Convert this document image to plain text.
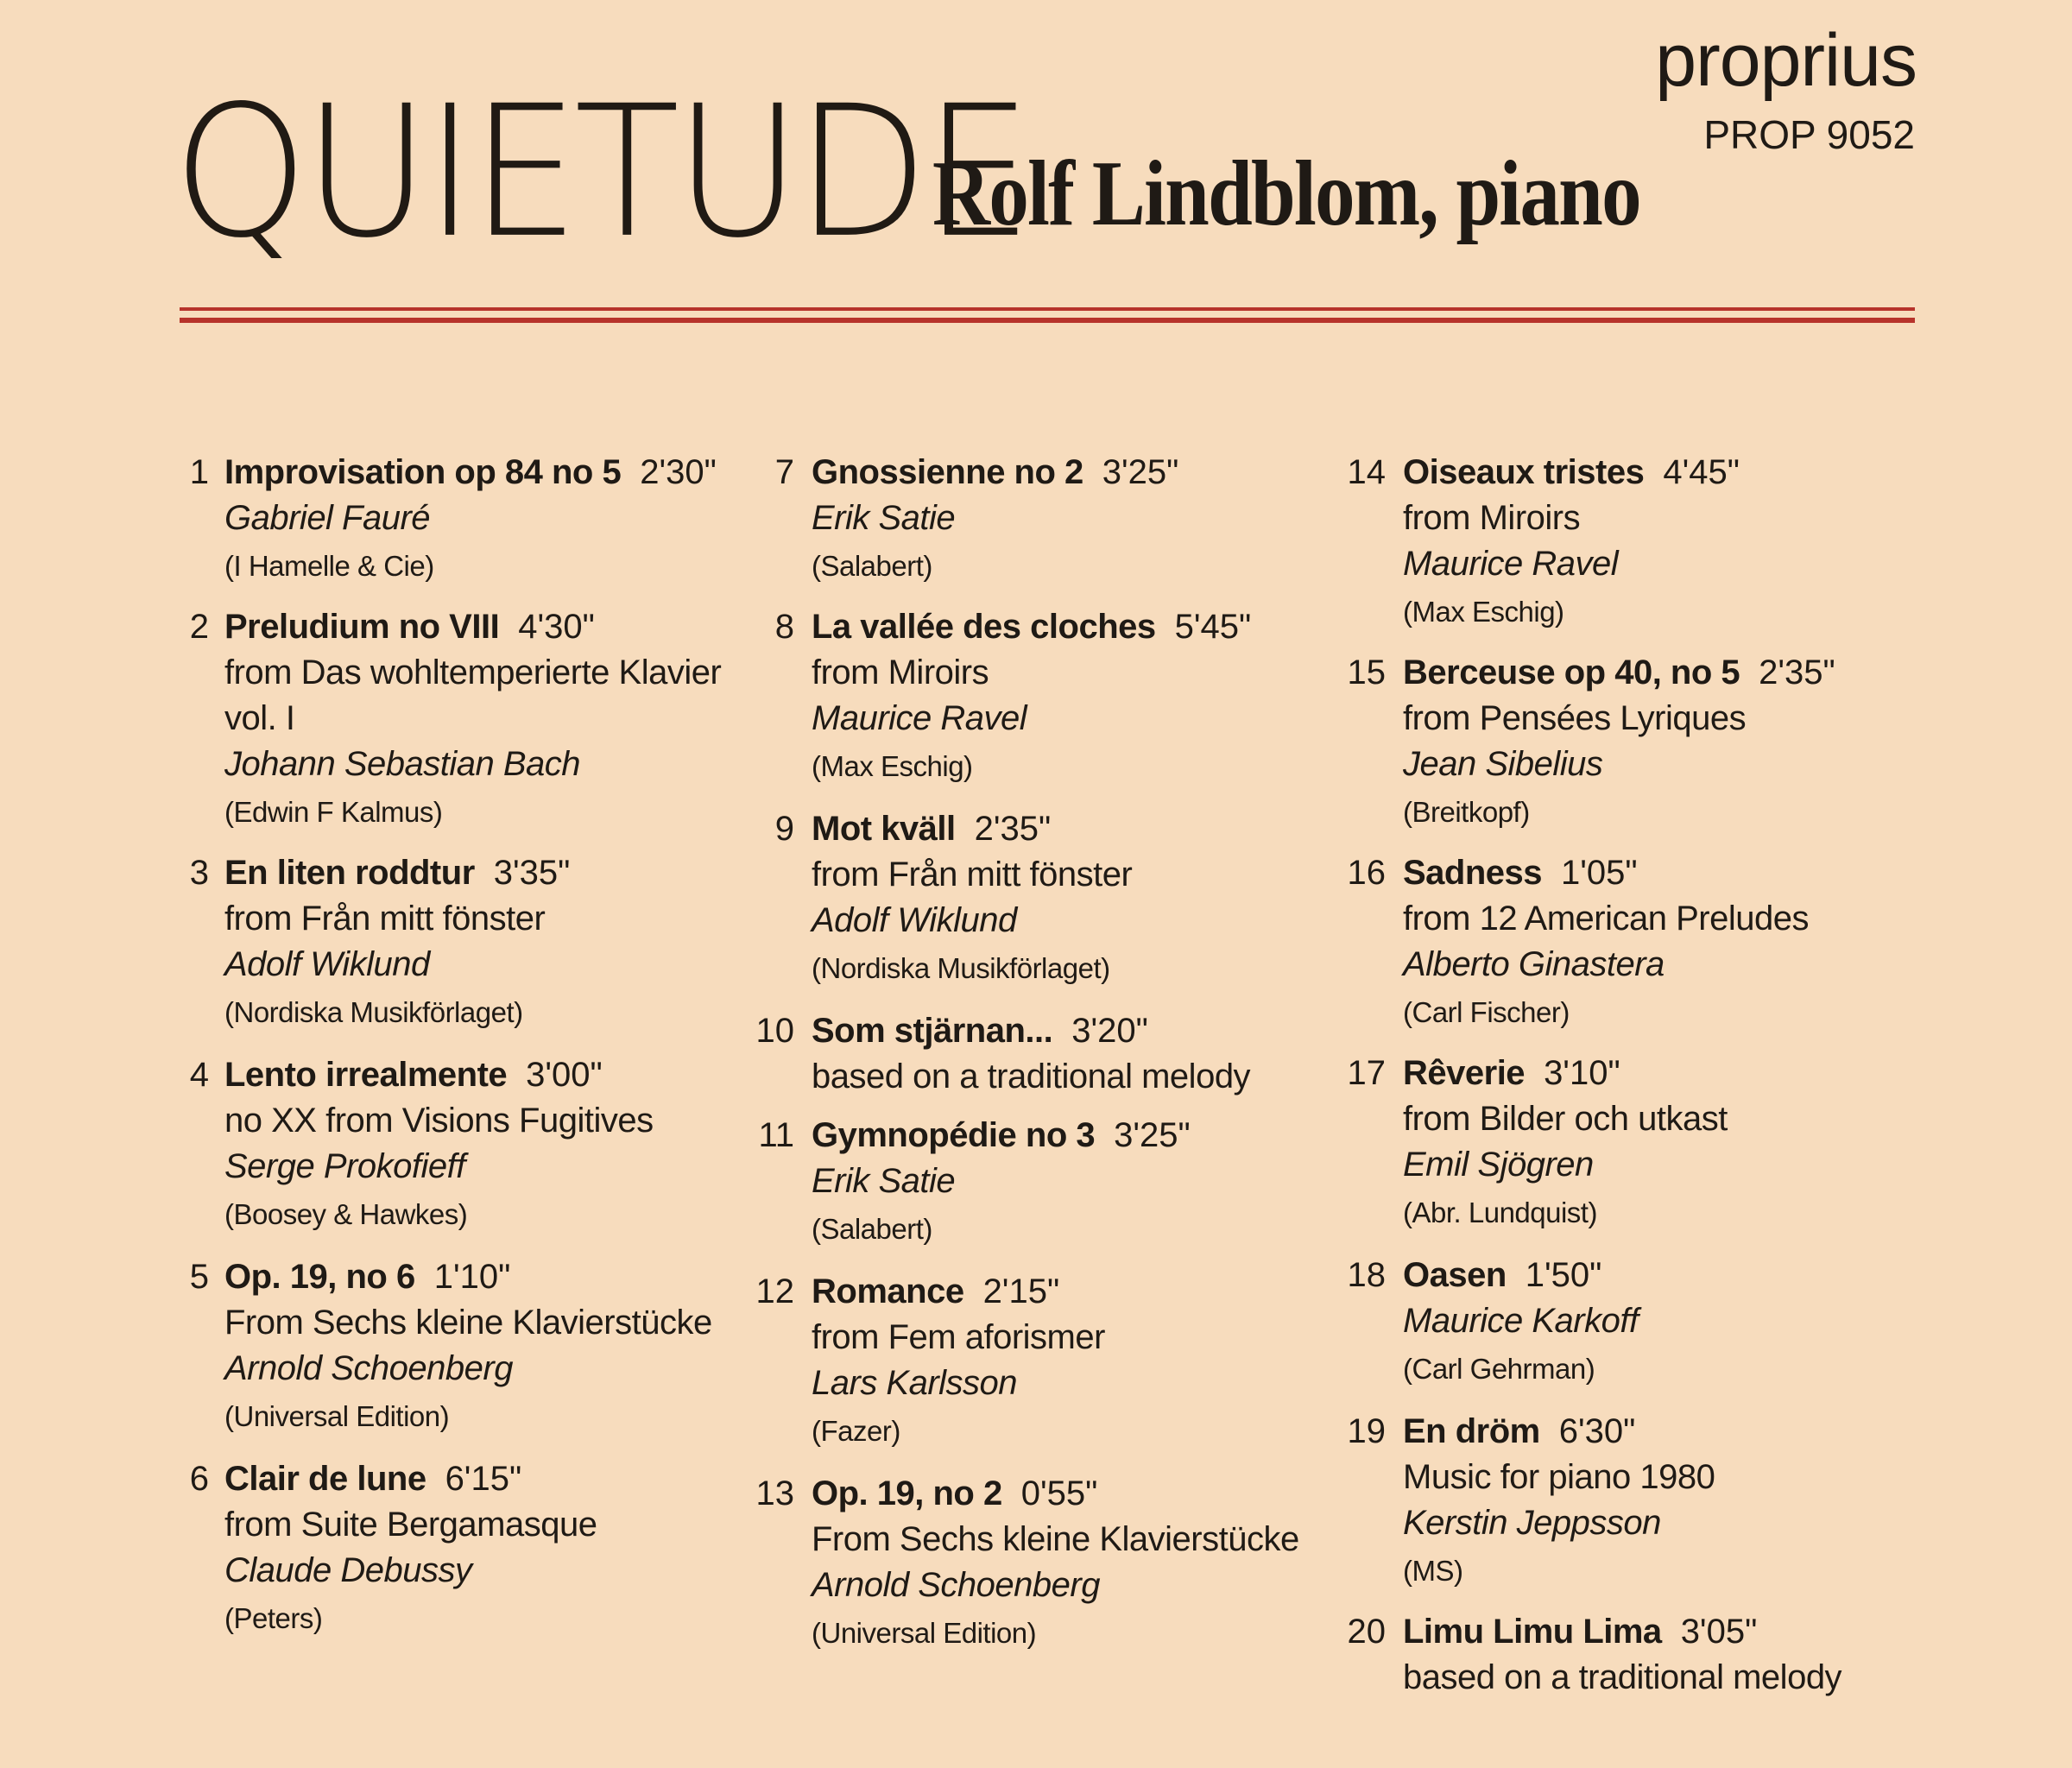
QUIETUDE
Rolf Lindblom, piano
proprius
PROP 9052
1 Improvisation op 84 no 5 2'30"
Gabriel Fauré
(I Hamelle & Cie)
2 Preludium no VIII 4'30"
from Das wohltemperierte Klavier
vol. I
Johann Sebastian Bach
(Edwin F Kalmus)
3 En liten roddtur 3'35"
from Från mitt fönster
Adolf Wiklund
(Nordiska Musikförlaget)
4 Lento irrealmente 3'00"
no XX from Visions Fugitives
Serge Prokofieff
(Boosey & Hawkes)
5 Op. 19, no 6 1'10"
From Sechs kleine Klavierstücke
Arnold Schoenberg
(Universal Edition)
6 Clair de lune 6'15"
from Suite Bergamasque
Claude Debussy
(Peters)
7 Gnossienne no 2 3'25"
Erik Satie
(Salabert)
8 La vallée des cloches 5'45"
from Miroirs
Maurice Ravel
(Max Eschig)
9 Mot kväll 2'35"
from Från mitt fönster
Adolf Wiklund
(Nordiska Musikförlaget)
10 Som stjärnan... 3'20"
based on a traditional melody
11 Gymnopédie no 3 3'25"
Erik Satie
(Salabert)
12 Romance 2'15"
from Fem aforismer
Lars Karlsson
(Fazer)
13 Op. 19, no 2 0'55"
From Sechs kleine Klavierstücke
Arnold Schoenberg
(Universal Edition)
14 Oiseaux tristes 4'45"
from Miroirs
Maurice Ravel
(Max Eschig)
15 Berceuse op 40, no 5 2'35"
from Pensées Lyriques
Jean Sibelius
(Breitkopf)
16 Sadness 1'05"
from 12 American Preludes
Alberto Ginastera
(Carl Fischer)
17 Rêverie 3'10"
from Bilder och utkast
Emil Sjögren
(Abr. Lundquist)
18 Oasen 1'50"
Maurice Karkoff
(Carl Gehrman)
19 En dröm 6'30"
Music for piano 1980
Kerstin Jeppsson
(MS)
20 Limu Limu Lima 3'05"
based on a traditional melody
